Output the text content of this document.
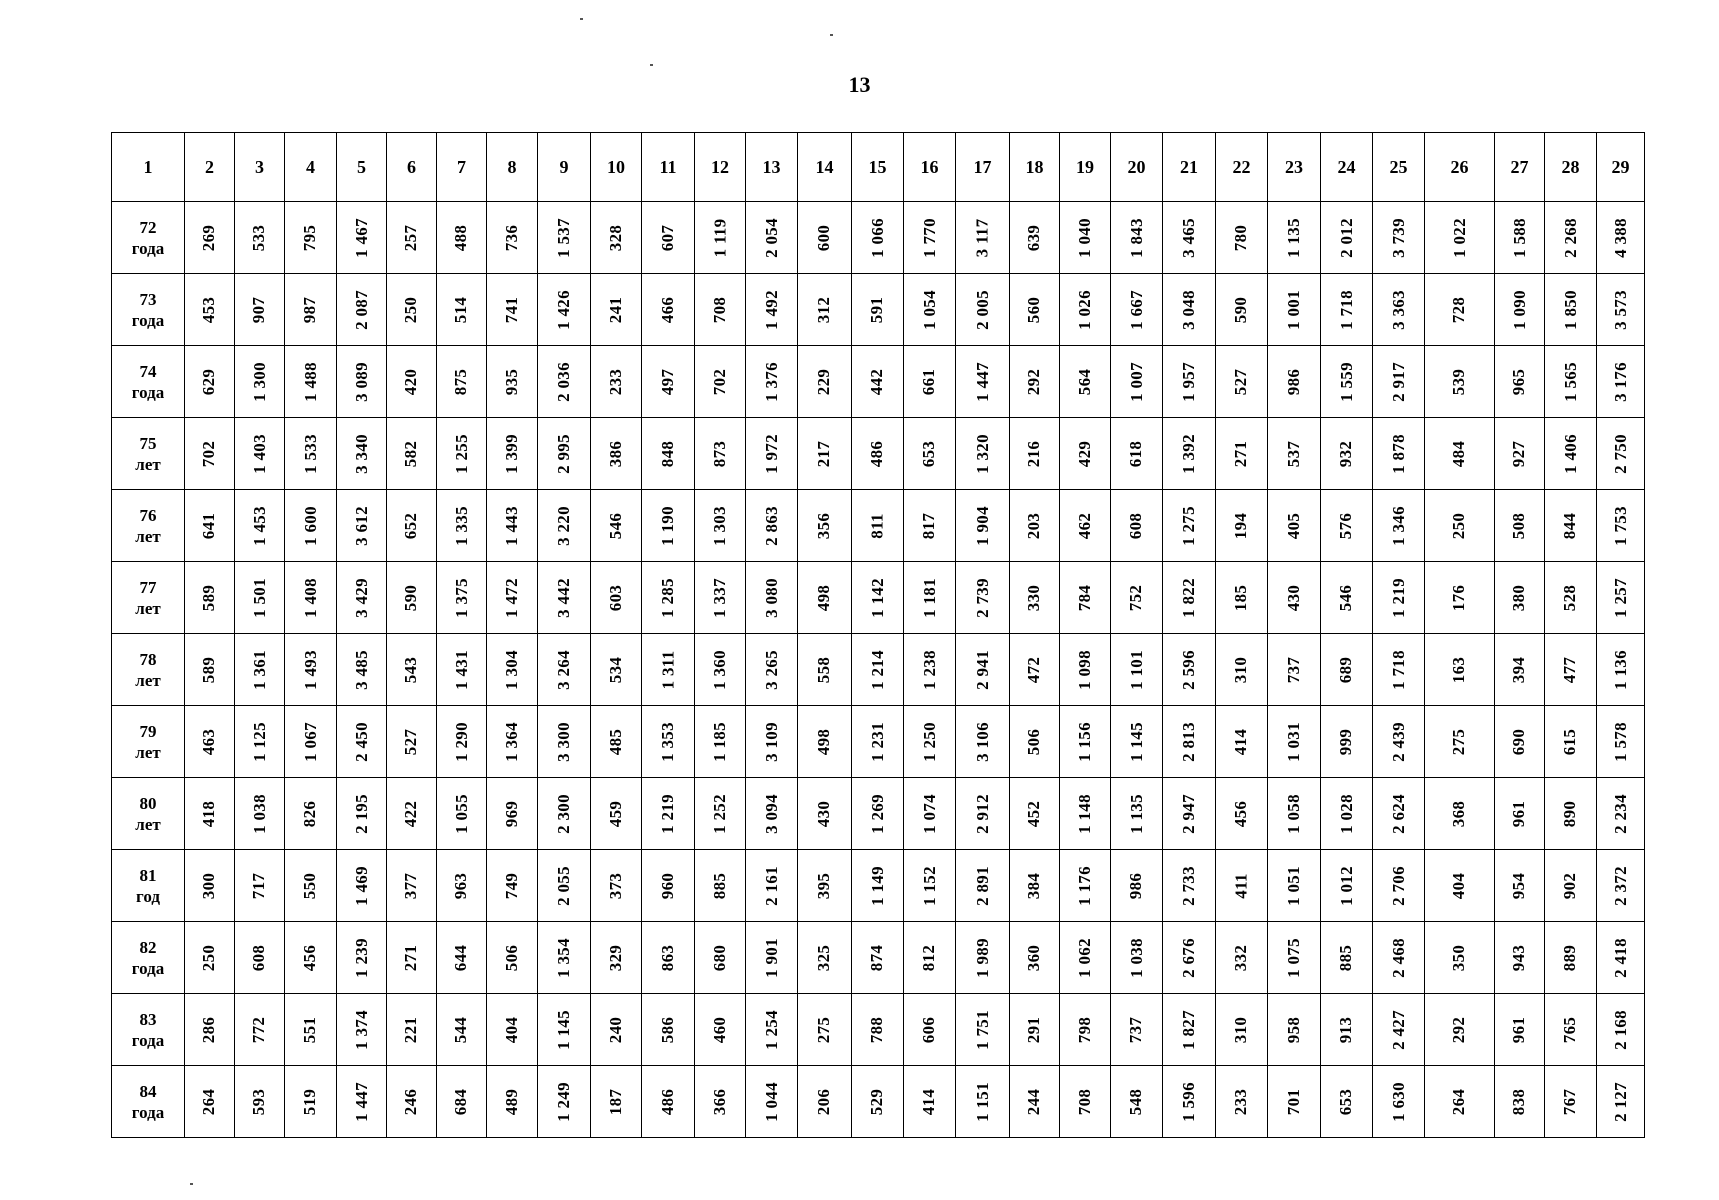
13
1	2	3	4	5	6	7	8	9	10	11	12	13	14	15	16	17	18	19	20	21	22	23	24	25	26	27	28	29

72
года	269	533	795	1 467	257	488	736	1 537	328	607	1 119	2 054	600	1 066	1 770	3 117	639	1 040	1 843	3 465	780	1 135	2 012	3 739	1 022	1 588	2 268	4 388

73
года	453	907	987	2 087	250	514	741	1 426	241	466	708	1 492	312	591	1 054	2 005	560	1 026	1 667	3 048	590	1 001	1 718	3 363	728	1 090	1 850	3 573

74
года	629	1 300	1 488	3 089	420	875	935	2 036	233	497	702	1 376	229	442	661	1 447	292	564	1 007	1 957	527	986	1 559	2 917	539	965	1 565	3 176

75
лет	702	1 403	1 533	3 340	582	1 255	1 399	2 995	386	848	873	1 972	217	486	653	1 320	216	429	618	1 392	271	537	932	1 878	484	927	1 406	2 750

76
лет	641	1 453	1 600	3 612	652	1 335	1 443	3 220	546	1 190	1 303	2 863	356	811	817	1 904	203	462	608	1 275	194	405	576	1 346	250	508	844	1 753

77
лет	589	1 501	1 408	3 429	590	1 375	1 472	3 442	603	1 285	1 337	3 080	498	1 142	1 181	2 739	330	784	752	1 822	185	430	546	1 219	176	380	528	1 257

78
лет	589	1 361	1 493	3 485	543	1 431	1 304	3 264	534	1 311	1 360	3 265	558	1 214	1 238	2 941	472	1 098	1 101	2 596	310	737	689	1 718	163	394	477	1 136

79
лет	463	1 125	1 067	2 450	527	1 290	1 364	3 300	485	1 353	1 185	3 109	498	1 231	1 250	3 106	506	1 156	1 145	2 813	414	1 031	999	2 439	275	690	615	1 578

80
лет	418	1 038	826	2 195	422	1 055	969	2 300	459	1 219	1 252	3 094	430	1 269	1 074	2 912	452	1 148	1 135	2 947	456	1 058	1 028	2 624	368	961	890	2 234

81
год	300	717	550	1 469	377	963	749	2 055	373	960	885	2 161	395	1 149	1 152	2 891	384	1 176	986	2 733	411	1 051	1 012	2 706	404	954	902	2 372

82
года	250	608	456	1 239	271	644	506	1 354	329	863	680	1 901	325	874	812	1 989	360	1 062	1 038	2 676	332	1 075	885	2 468	350	943	889	2 418

83
года	286	772	551	1 374	221	544	404	1 145	240	586	460	1 254	275	788	606	1 751	291	798	737	1 827	310	958	913	2 427	292	961	765	2 168

84
года	264	593	519	1 447	246	684	489	1 249	187	486	366	1 044	206	529	414	1 151	244	708	548	1 596	233	701	653	1 630	264	838	767	2 127
